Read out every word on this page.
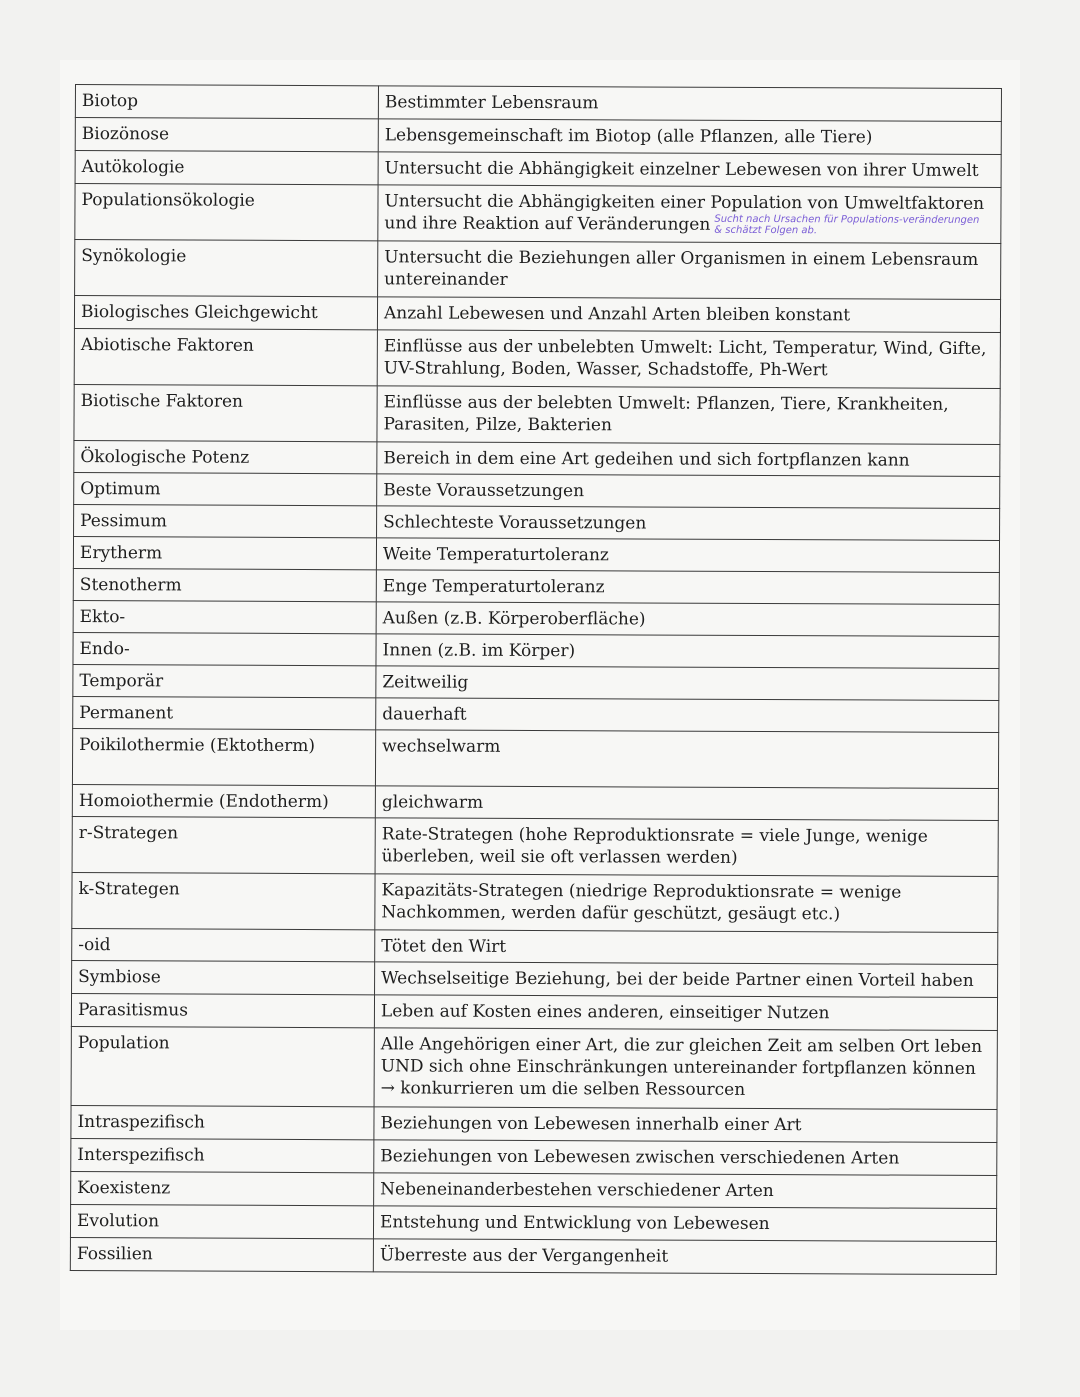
Biotop	Bestimmter Lebensraum
Biozönose	Lebensgemeinschaft im Biotop (alle Pflanzen, alle Tiere)
Autökologie	Untersucht die Abhängigkeit einzelner Lebewesen von ihrer Umwelt
Populationsökologie	Untersucht die Abhängigkeiten einer Population von Umweltfaktoren und ihre Reaktion auf Veränderungen Sucht nach Ursachen für Populations-veränderungen & schätzt Folgen ab.
Synökologie	Untersucht die Beziehungen aller Organismen in einem Lebensraum untereinander
Biologisches Gleichgewicht	Anzahl Lebewesen und Anzahl Arten bleiben konstant
Abiotische Faktoren	Einflüsse aus der unbelebten Umwelt: Licht, Temperatur, Wind, Gifte, UV-Strahlung, Boden, Wasser, Schadstoffe, Ph-Wert
Biotische Faktoren	Einflüsse aus der belebten Umwelt: Pflanzen, Tiere, Krankheiten, Parasiten, Pilze, Bakterien
Ökologische Potenz	Bereich in dem eine Art gedeihen und sich fortpflanzen kann
Optimum	Beste Voraussetzungen
Pessimum	Schlechteste Voraussetzungen
Erytherm	Weite Temperaturtoleranz
Stenotherm	Enge Temperaturtoleranz
Ekto-	Außen (z.B. Körperoberfläche)
Endo-	Innen (z.B. im Körper)
Temporär	Zeitweilig
Permanent	dauerhaft
Poikilothermie (Ektotherm)	wechselwarm
Homoiothermie (Endotherm)	gleichwarm
r-Strategen	Rate-Strategen (hohe Reproduktionsrate = viele Junge, wenige überleben, weil sie oft verlassen werden)
k-Strategen	Kapazitäts-Strategen (niedrige Reproduktionsrate = wenige Nachkommen, werden dafür geschützt, gesäugt etc.)
-oid	Tötet den Wirt
Symbiose	Wechselseitige Beziehung, bei der beide Partner einen Vorteil haben
Parasitismus	Leben auf Kosten eines anderen, einseitiger Nutzen
Population	Alle Angehörigen einer Art, die zur gleichen Zeit am selben Ort leben UND sich ohne Einschränkungen untereinander fortpflanzen können → konkurrieren um die selben Ressourcen
Intraspezifisch	Beziehungen von Lebewesen innerhalb einer Art
Interspezifisch	Beziehungen von Lebewesen zwischen verschiedenen Arten
Koexistenz	Nebeneinanderbestehen verschiedener Arten
Evolution	Entstehung und Entwicklung von Lebewesen
Fossilien	Überreste aus der Vergangenheit
